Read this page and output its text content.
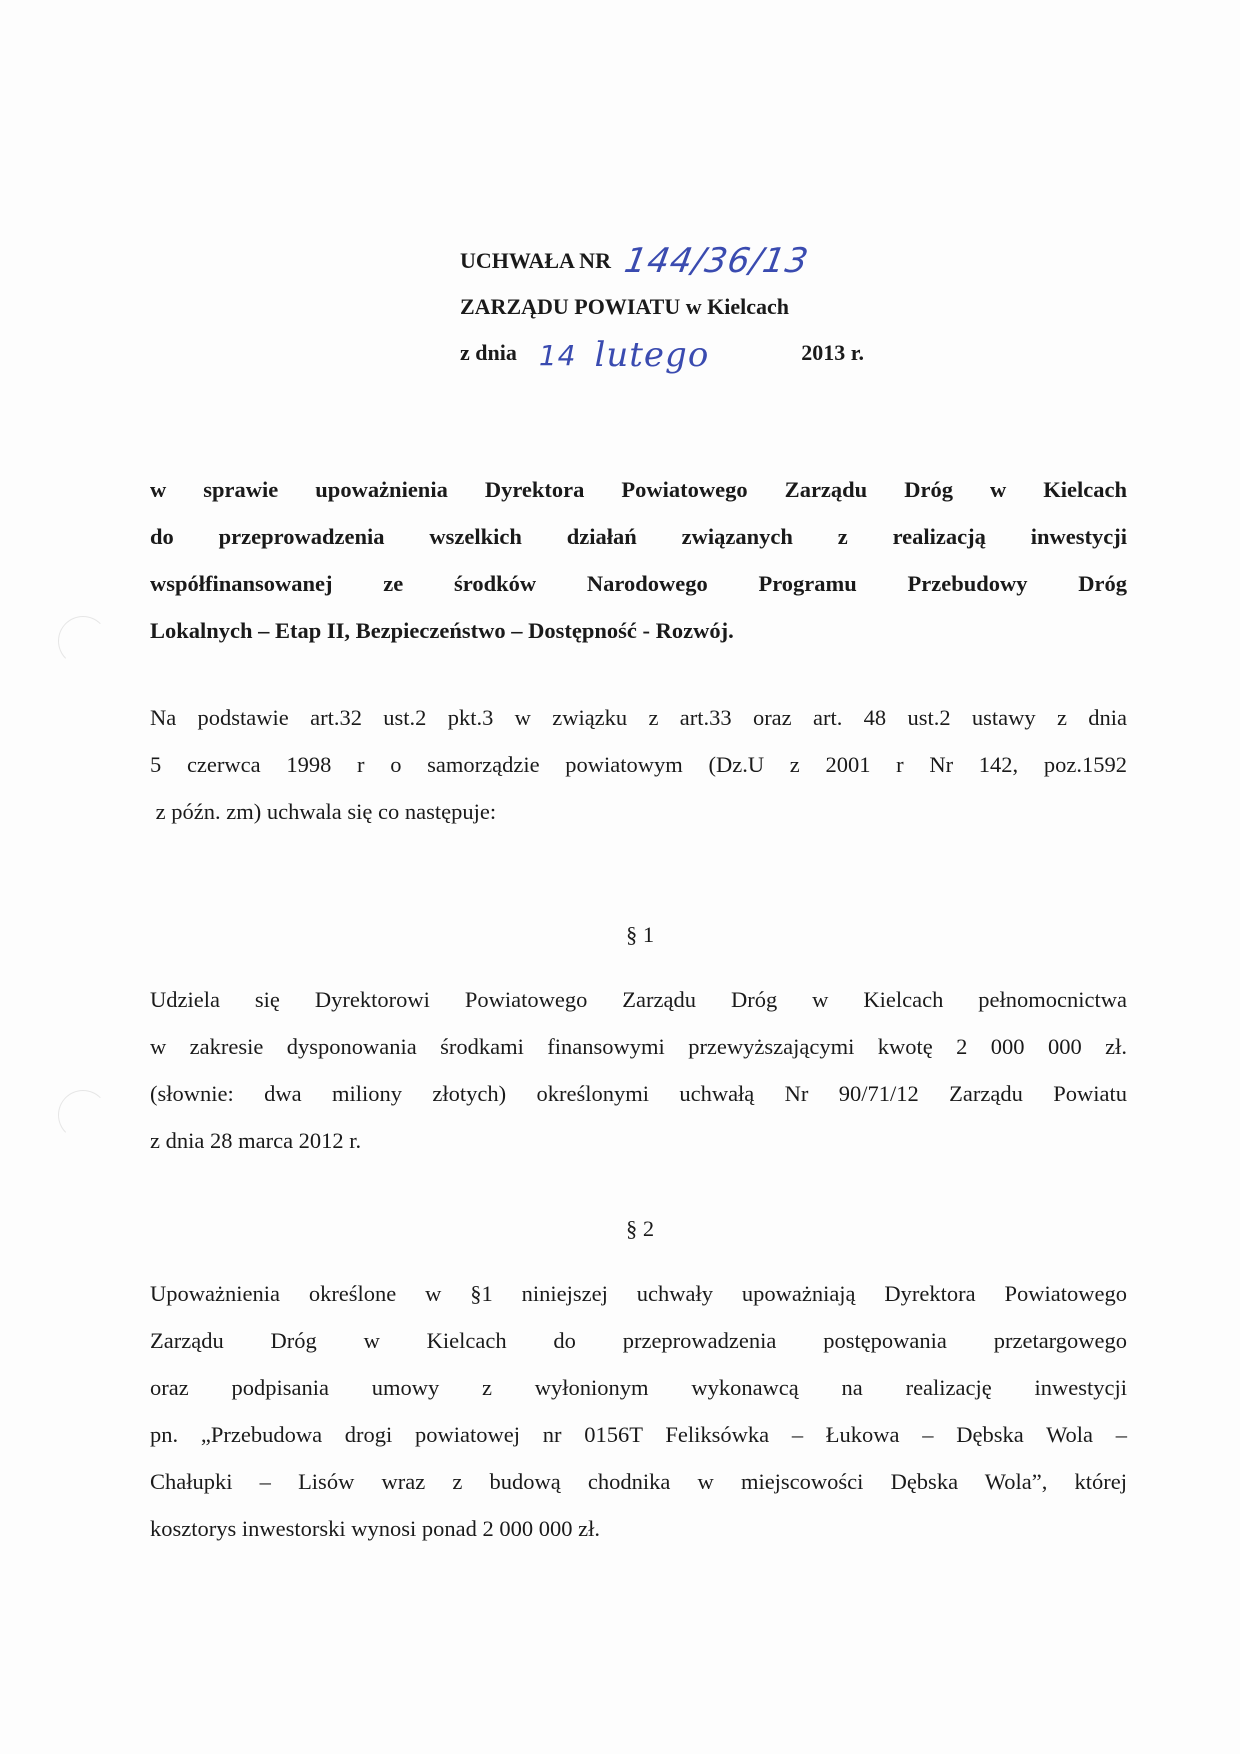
UCHWAŁA NR 144/36/13
ZARZĄDU POWIATU w Kielcach
z dnia 14 lutego	2013 r.
w sprawie upoważnienia Dyrektora Powiatowego Zarządu Dróg w Kielcach
do przeprowadzenia wszelkich działań związanych z realizacją inwestycji
współfinansowanej ze środków Narodowego Programu Przebudowy Dróg
Lokalnych – Etap II, Bezpieczeństwo – Dostępność - Rozwój.
Na podstawie art.32 ust.2 pkt.3 w związku z art.33 oraz art. 48 ust.2 ustawy z dnia
5 czerwca 1998 r o samorządzie powiatowym (Dz.U z 2001 r Nr 142, poz.1592
z późn. zm) uchwala się co następuje:
§ 1
Udziela się Dyrektorowi Powiatowego Zarządu Dróg w Kielcach pełnomocnictwa
w zakresie dysponowania środkami finansowymi przewyższającymi kwotę 2 000 000 zł.
(słownie: dwa miliony złotych) określonymi uchwałą Nr 90/71/12 Zarządu Powiatu
z dnia 28 marca 2012 r.
§ 2
Upoważnienia określone w §1 niniejszej uchwały upoważniają Dyrektora Powiatowego
Zarządu Dróg w Kielcach do przeprowadzenia postępowania przetargowego
oraz podpisania umowy z wyłonionym wykonawcą na realizację inwestycji
pn. „Przebudowa drogi powiatowej nr 0156T Feliksówka – Łukowa – Dębska Wola –
Chałupki – Lisów wraz z budową chodnika w miejscowości Dębska Wola”, której
kosztorys inwestorski wynosi ponad 2 000 000 zł.
